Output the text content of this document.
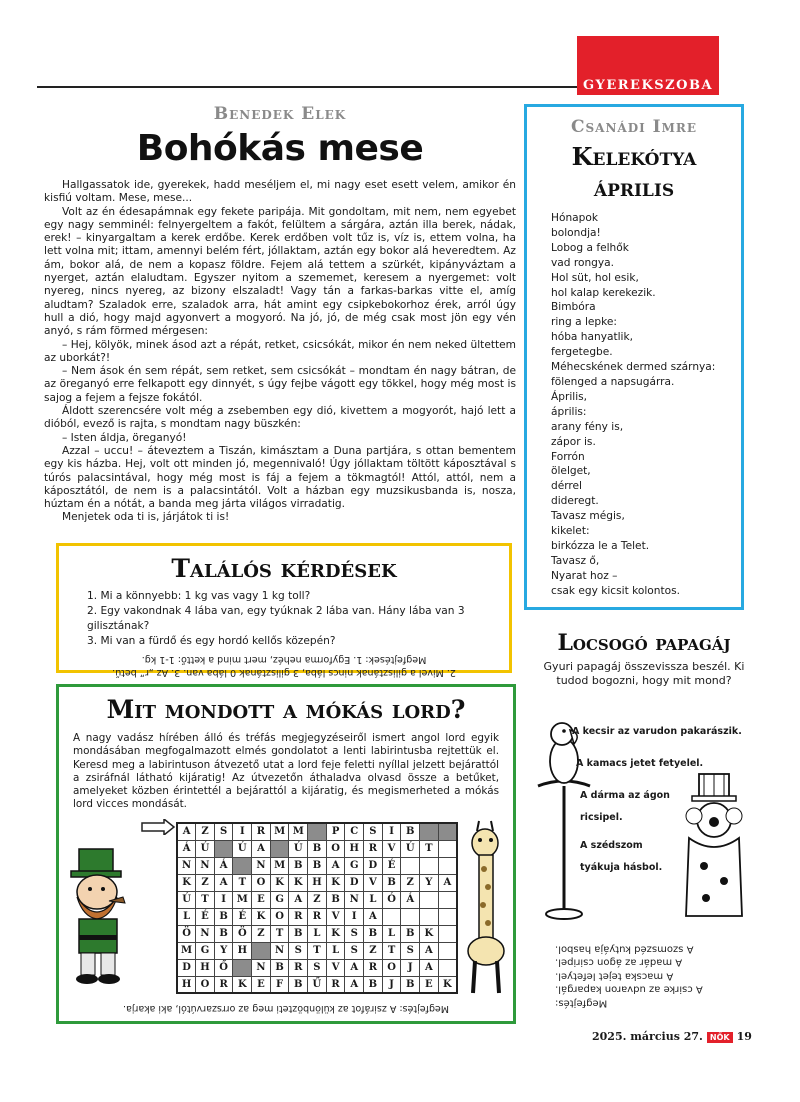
GYEREKSZOBA
Benedek Elek
Bohókás mese

Hallgassatok ide, gyerekek, hadd meséljem el, mi nagy eset esett velem, amikor én kisfiú voltam. Mese, mese...

Volt az én édesapámnak egy fekete paripája. Mit gondoltam, mit nem, nem egyebet egy nagy semminél: felnyergeltem a fakót, felültem a sárgára, aztán illa berek, nádak, erek! – kinyargaltam a kerek erdőbe. Kerek erdőben volt tűz is, víz is, ettem volna, ha lett volna mit; ittam, amennyi belém fért, jóllaktam, aztán egy bokor alá heveredtem. Az ám, bokor alá, de nem a kopasz földre. Fejem alá tettem a szürkét, kipányváztam a nyerget, aztán elaludtam. Egyszer nyitom a szememet, keresem a nyergemet: volt nyereg, nincs nyereg, az bizony elszaladt! Vagy tán a farkas-barkas vitte el, amíg aludtam? Szaladok erre, szaladok arra, hát amint egy csipkebokorhoz érek, arról úgy hull a dió, hogy majd agyonvert a mogyoró. Na jó, jó, de még csak most jön egy vén anyó, s rám förmed mérgesen:

– Hej, kölyök, minek ásod azt a répát, retket, csicsókát, mikor én nem neked ültettem az uborkát?!

– Nem ások én sem répát, sem retket, sem csicsókát – mondtam én nagy bátran, de az öreganyó erre felkapott egy dinnyét, s úgy fejbe vágott egy tökkel, hogy még most is sajog a fejem a fejsze fokától.

Áldott szerencsére volt még a zsebemben egy dió, kivettem a mogyorót, hajó lett a dióból, evező is rajta, s mondtam nagy büszkén:

– Isten áldja, öreganyó!

Azzal – uccu! – áteveztem a Tiszán, kimásztam a Duna partjára, s ottan bementem egy kis házba. Hej, volt ott minden jó, megennivaló! Úgy jóllaktam töltött káposztával s túrós palacsintával, hogy még most is fáj a fejem a tökmagtól! Attól, attól, nem a káposztától, de nem is a palacsintától. Volt a házban egy muzsikusbanda is, nosza, húztam én a nótát, a banda meg járta világos virradatig.

Menjetek oda ti is, járjátok ti is!

Csanádi Imre
Kelekótya
április
Hónapok
bolondja!
Lobog a felhők
vad rongya.
Hol süt, hol esik,
hol kalap kerekezik.
Bimbóra
ring a lepke:
hóba hanyatlik,
fergetegbe.
Méhecskének dermed szárnya:
fölenged a napsugárra.
Április,
április:
arany fény is,
zápor is.
Forrón
ölelget,
dérrel
dideregt.
Tavasz mégis,
kikelet:
birkózza le a Telet.
Tavasz ő,
Nyarat hoz –
csak egy kicsit kolontos.
Találós kérdések
1. Mi a könnyebb: 1 kg vas vagy 1 kg toll?
2. Egy vakondnak 4 lába van, egy tyúknak 2 lába van. Hány lába van 3 gilisztának?
3. Mi van a fürdő és egy hordó kellős közepén?
2. Mivel a gilisztának nincs lába, 3 gilisztának 0 lába van. 3. Az „r” betű.
Megfejtések: 1. Egyforma nehéz, mert mind a kettő: 1-1 kg.
Mit mondott a mókás lord?
A nagy vadász hírében álló és tréfás megjegyzéseiről ismert angol lord egyik mondásában megfogalmazott elmés gondolatot a lenti labirintusba rejtettük el. Keresd meg a labirintuson átvezető utat a lord feje feletti nyíllal jelzett bejárattól a zsiráfnál látható kijáratig! Az útvezetőn áthaladva olvasd össze a betűket, amelyeket közben érintettél a bejárattól a kijáratig, és megismerheted a mókás lord vicces mondását.
A	Z	S	I	R	M	M		P	C	S	I	B		
Á	Ú		Ú	A		Ú	B	O	H	R	V	Ú	T	
N	N	Á		N	M	B	B	A	G	D	É			
K	Z	A	T	O	K	K	H	K	D	V	B	Z	Y	A
Ú	T	I	M	E	G	A	Z	B	N	L	Ó	Á		
L	É	B	É	K	O	R	R	V	I	A				
Ö	N	B	Ö	Z	T	B	L	K	S	B	L	B	K	
M	G	Y	H		N	S	T	L	S	Z	T	S	A	
D	H	Ő		N	B	R	S	V	A	R	O	J	A	
H	O	R	K	E	F	B	Ű	R	A	B	J	B	E	K
Megfejtés: A zsiráfot az különbözteti meg az orrszarvútól, aki akarja.
Locsogó papagáj
Gyuri papagáj összevissza beszél. Ki tudod bogozni, hogy mit mond?
A kecsir az varudon pakarászik.
A kamacs jetet fetyelel.
A dárma az ágon
ricsipel.
A szédszom
tyákuja hásbol.
Megfejtés:
A csirke az udvaron kapargál.
A macska tejet lefetyel.
A madár az ágon csiripel.
A szomszéd kutyája hasbol.
2025. március 27. NŐK 19
